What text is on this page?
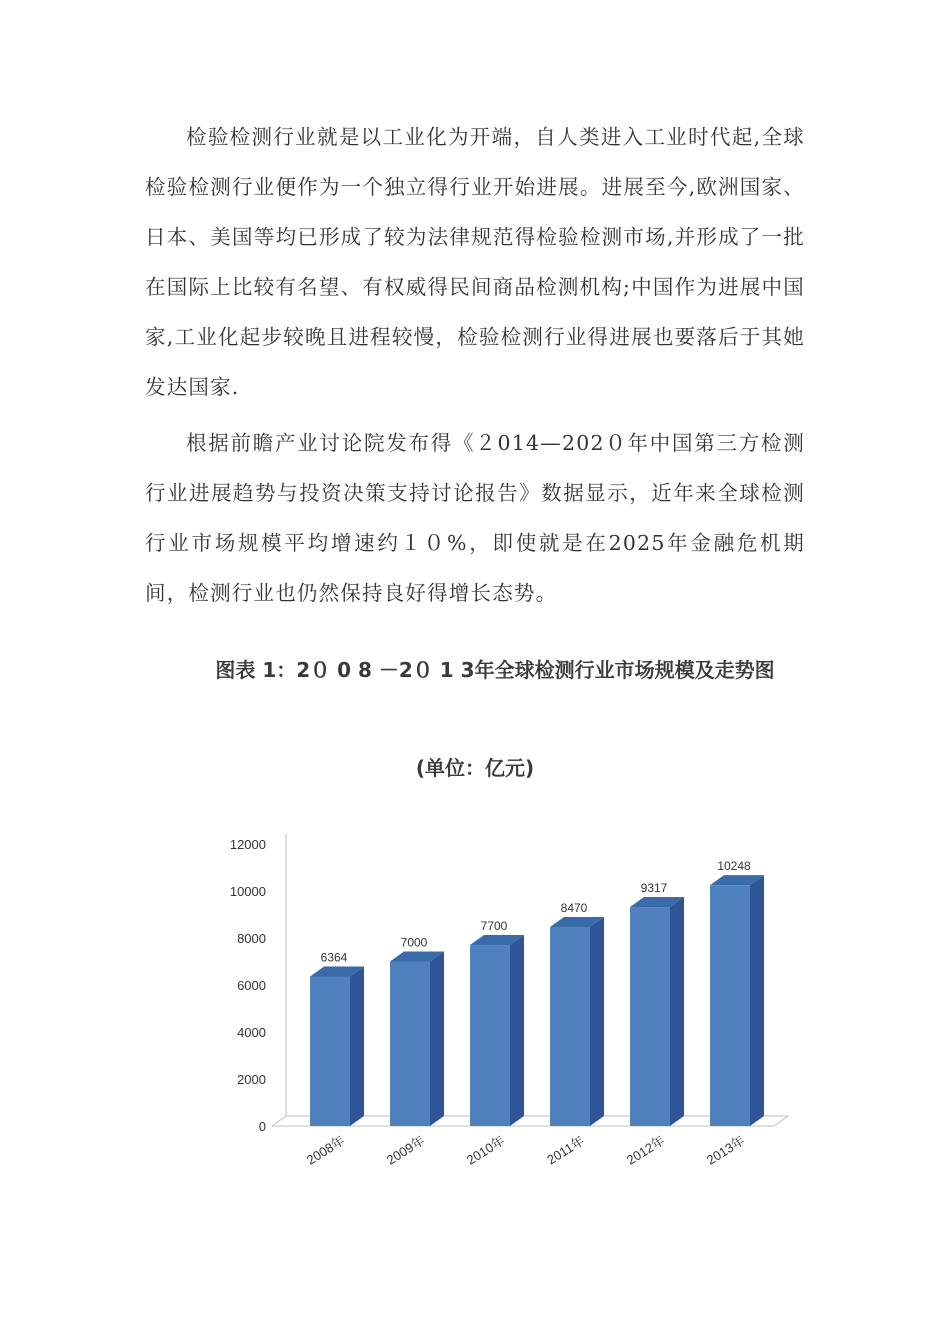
检验检测行业就是以工业化为开端，自人类进入工业时代起,全球检验检测行业便作为一个独立得行业开始进展。进展至今,欧洲国家、日本、美国等均已形成了较为法律规范得检验检测市场,并形成了一批在国际上比较有名望、有权威得民间商品检测机构;中国作为进展中国家,工业化起步较晚且进程较慢，检验检测行业得进展也要落后于其她发达国家.

根据前瞻产业讨论院发布得《２014—202０年中国第三方检测行业进展趋势与投资决策支持讨论报告》数据显示，近年来全球检测行业市场规模平均增速约１０%，即使就是在2025年金融危机期间，检测行业也仍然保持良好得增长态势。

图表 1：2０ 0 8 －2０ 1 3年全球检测行业市场规模及走势图

(单位：亿元)

0
2000
4000
6000
8000
10000
12000
6364
2008年
7000
2009年
7700
2010年
8470
2011年
9317
2012年
10248
2013年
